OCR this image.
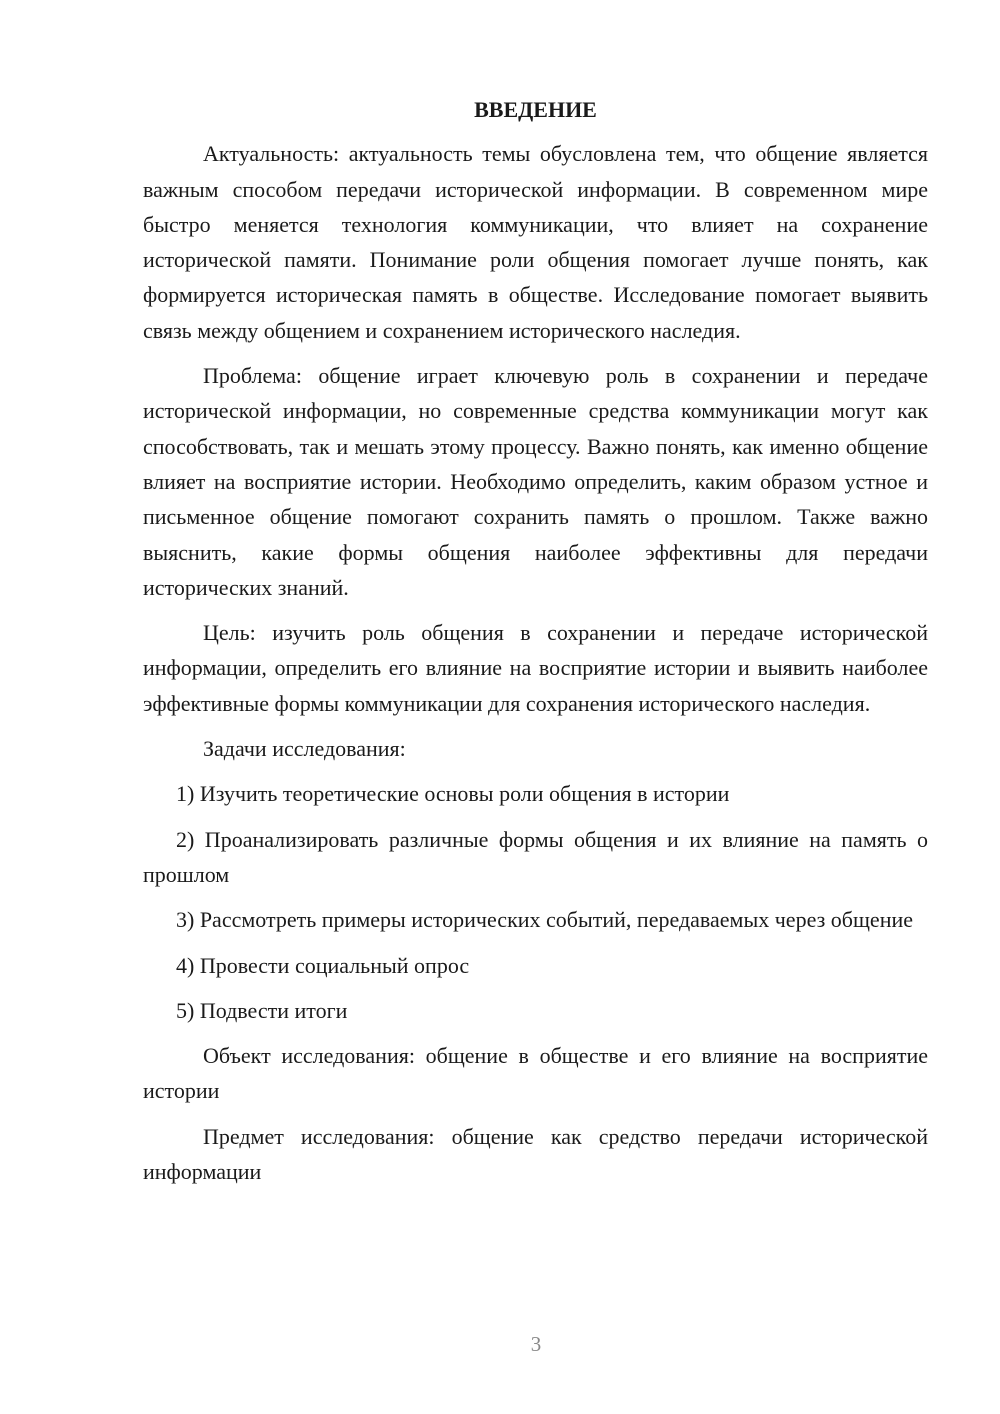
ВВЕДЕНИЕ

Актуальность: актуальность темы обусловлена тем, что общение является важным способом передачи исторической информации. В современном мире быстро меняется технология коммуникации, что влияет на сохранение исторической памяти. Понимание роли общения помогает лучше понять, как формируется историческая память в обществе. Исследование помогает выявить связь между общением и сохранением исторического наследия.

Проблема: общение играет ключевую роль в сохранении и передаче исторической информации, но современные средства коммуникации могут как способствовать, так и мешать этому процессу. Важно понять, как именно общение влияет на восприятие истории. Необходимо определить, каким образом устное и письменное общение помогают сохранить память о прошлом. Также важно выяснить, какие формы общения наиболее эффективны для передачи исторических знаний.

Цель: изучить роль общения в сохранении и передаче исторической информации, определить его влияние на восприятие истории и выявить наиболее эффективные формы коммуникации для сохранения исторического наследия.

Задачи исследования:

1) Изучить теоретические основы роли общения в истории

2) Проанализировать различные формы общения и их влияние на память о прошлом

3) Рассмотреть примеры исторических событий, передаваемых через общение

4) Провести социальный опрос

5) Подвести итоги

Объект исследования: общение в обществе и его влияние на восприятие истории

Предмет исследования: общение как средство передачи исторической информации

3
